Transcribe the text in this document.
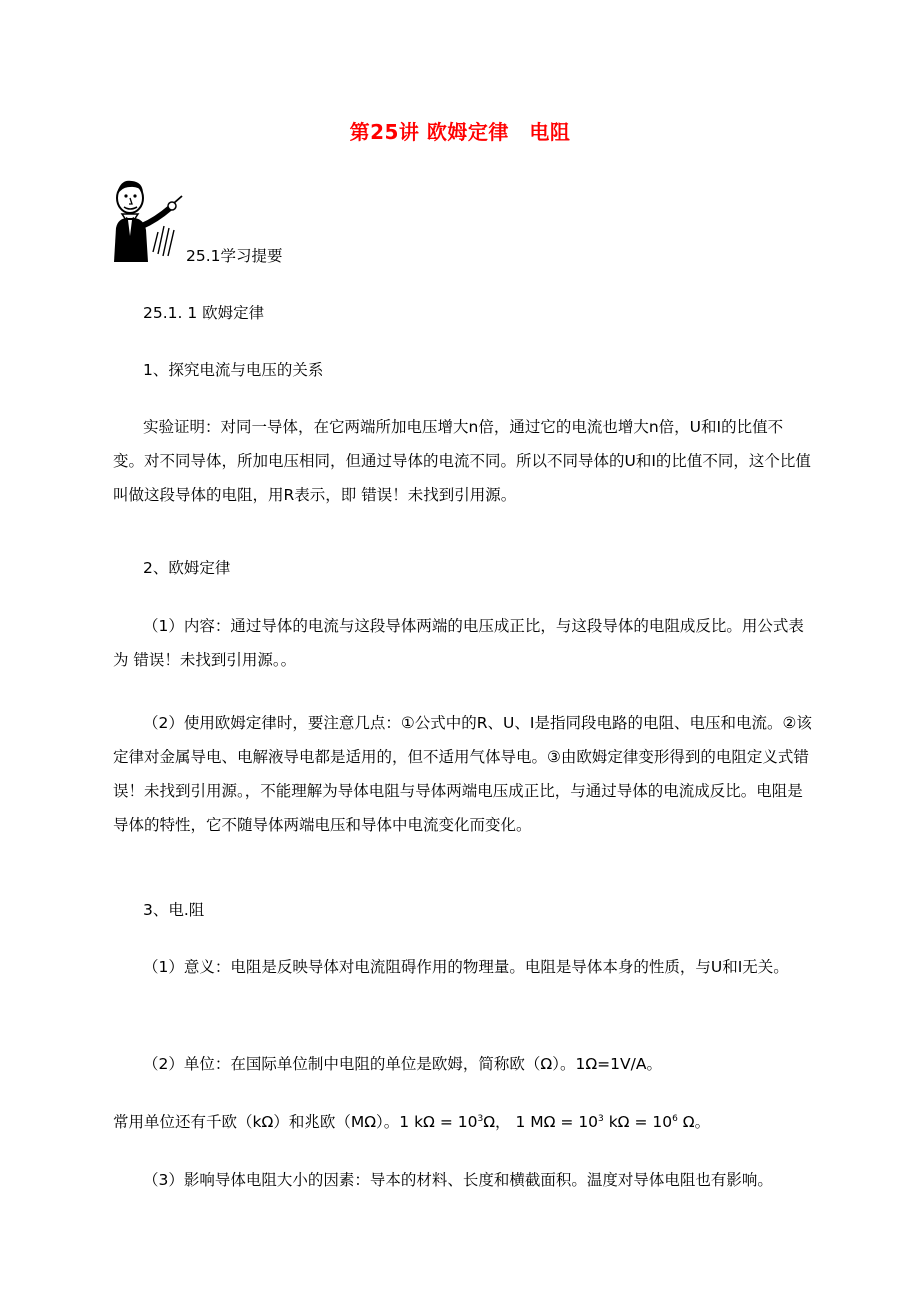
第25讲 欧姆定律　电阻
25.1学习提要
25.1. 1 欧姆定律
1、探究电流与电压的关系
实验证明：对同一导体，在它两端所加电压增大n倍，通过它的电流也增大n倍，U和I的比值不变。对不同导体，所加电压相同，但通过导体的电流不同。所以不同导体的U和I的比值不同，这个比值叫做这段导体的电阻，用R表示，即 错误！未找到引用源。
2、欧姆定律
（1）内容：通过导体的电流与这段导体两端的电压成正比，与这段导体的电阻成反比。用公式表为 错误！未找到引用源。。
（2）使用欧姆定律时，要注意几点：①公式中的R、U、I是指同段电路的电阻、电压和电流。②该定律对金属导电、电解液导电都是适用的，但不适用气体导电。③由欧姆定律变形得到的电阻定义式错误！未找到引用源。，不能理解为导体电阻与导体两端电压成正比，与通过导体的电流成反比。电阻是导体的特性，它不随导体两端电压和导体中电流变化而变化。
3、电.阻
（1）意义：电阻是反映导体对电流阻碍作用的物理量。电阻是导体本身的性质，与U和I无关。
（2）单位：在国际单位制中电阻的单位是欧姆，简称欧（Ω）。1Ω=1V/A。
常用单位还有千欧（kΩ）和兆欧（MΩ）。1 $k\Omega = 10^3\Omega$， 1 $M\Omega = 10^3$ $k\Omega = 10^6$ Ω。
（3）影响导体电阻大小的因素：导本的材料、长度和横截面积。温度对导体电阻也有影响。
